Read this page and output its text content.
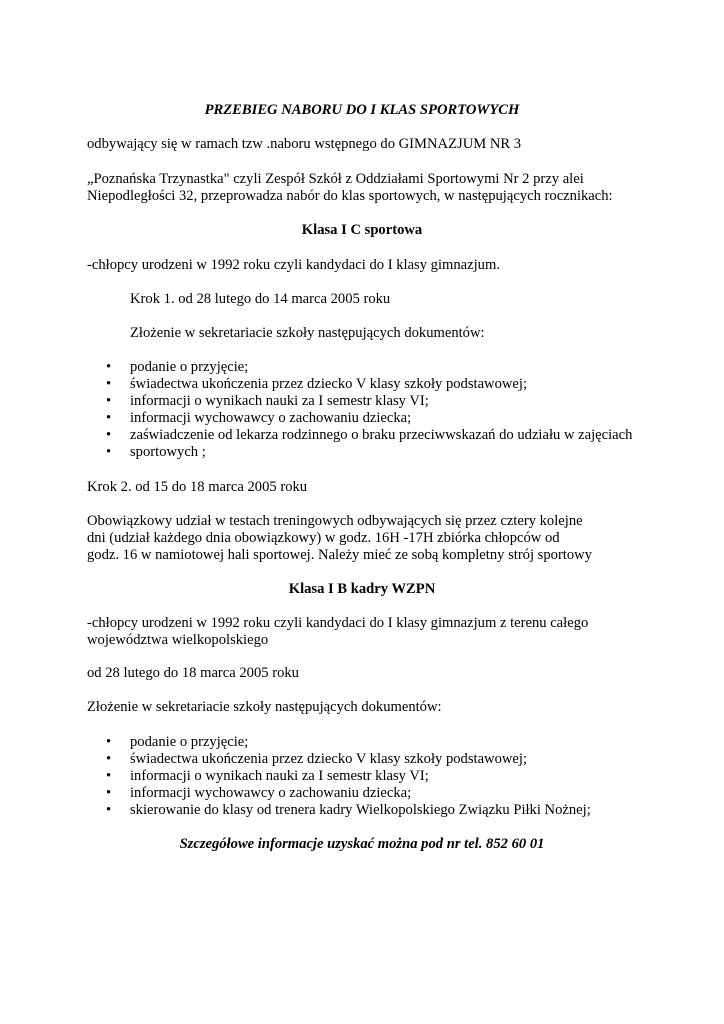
PRZEBIEG NABORU DO I KLAS SPORTOWYCH
odbywający się w ramach tzw .naboru wstępnego do GIMNAZJUM NR 3
„Poznańska Trzynastka" czyli Zespół Szkół z Oddziałami Sportowymi Nr 2 przy alei
Niepodległości 32, przeprowadza nabór do klas sportowych, w następujących rocznikach:
Klasa I C sportowa
-chłopcy urodzeni w 1992 roku czyli kandydaci do I klasy gimnazjum.
Krok 1. od 28 lutego do 14 marca 2005 roku
Złożenie w sekretariacie szkoły następujących dokumentów:
• podanie o przyjęcie;
• świadectwa ukończenia przez dziecko V klasy szkoły podstawowej;
• informacji o wynikach nauki za I semestr klasy VI;
• informacji wychowawcy o zachowaniu dziecka;
• zaświadczenie od lekarza rodzinnego o braku przeciwwskazań do udziału w zajęciach
• sportowych ;
Krok 2. od 15 do 18 marca 2005 roku
Obowiązkowy udział w testach treningowych odbywających się przez cztery kolejne
dni (udział każdego dnia obowiązkowy) w godz. 16H -17H zbiórka chłopców od
godz. 16 w namiotowej hali sportowej. Należy mieć ze sobą kompletny strój sportowy
Klasa I B kadry WZPN
-chłopcy urodzeni w 1992 roku czyli kandydaci do I klasy gimnazjum z terenu całego
województwa wielkopolskiego
od 28 lutego do 18 marca 2005 roku
Złożenie w sekretariacie szkoły następujących dokumentów:
• podanie o przyjęcie;
• świadectwa ukończenia przez dziecko V klasy szkoły podstawowej;
• informacji o wynikach nauki za I semestr klasy VI;
• informacji wychowawcy o zachowaniu dziecka;
• skierowanie do klasy od trenera kadry Wielkopolskiego Związku Piłki Nożnej;
Szczegółowe informacje uzyskać można pod nr tel. 852 60 01
